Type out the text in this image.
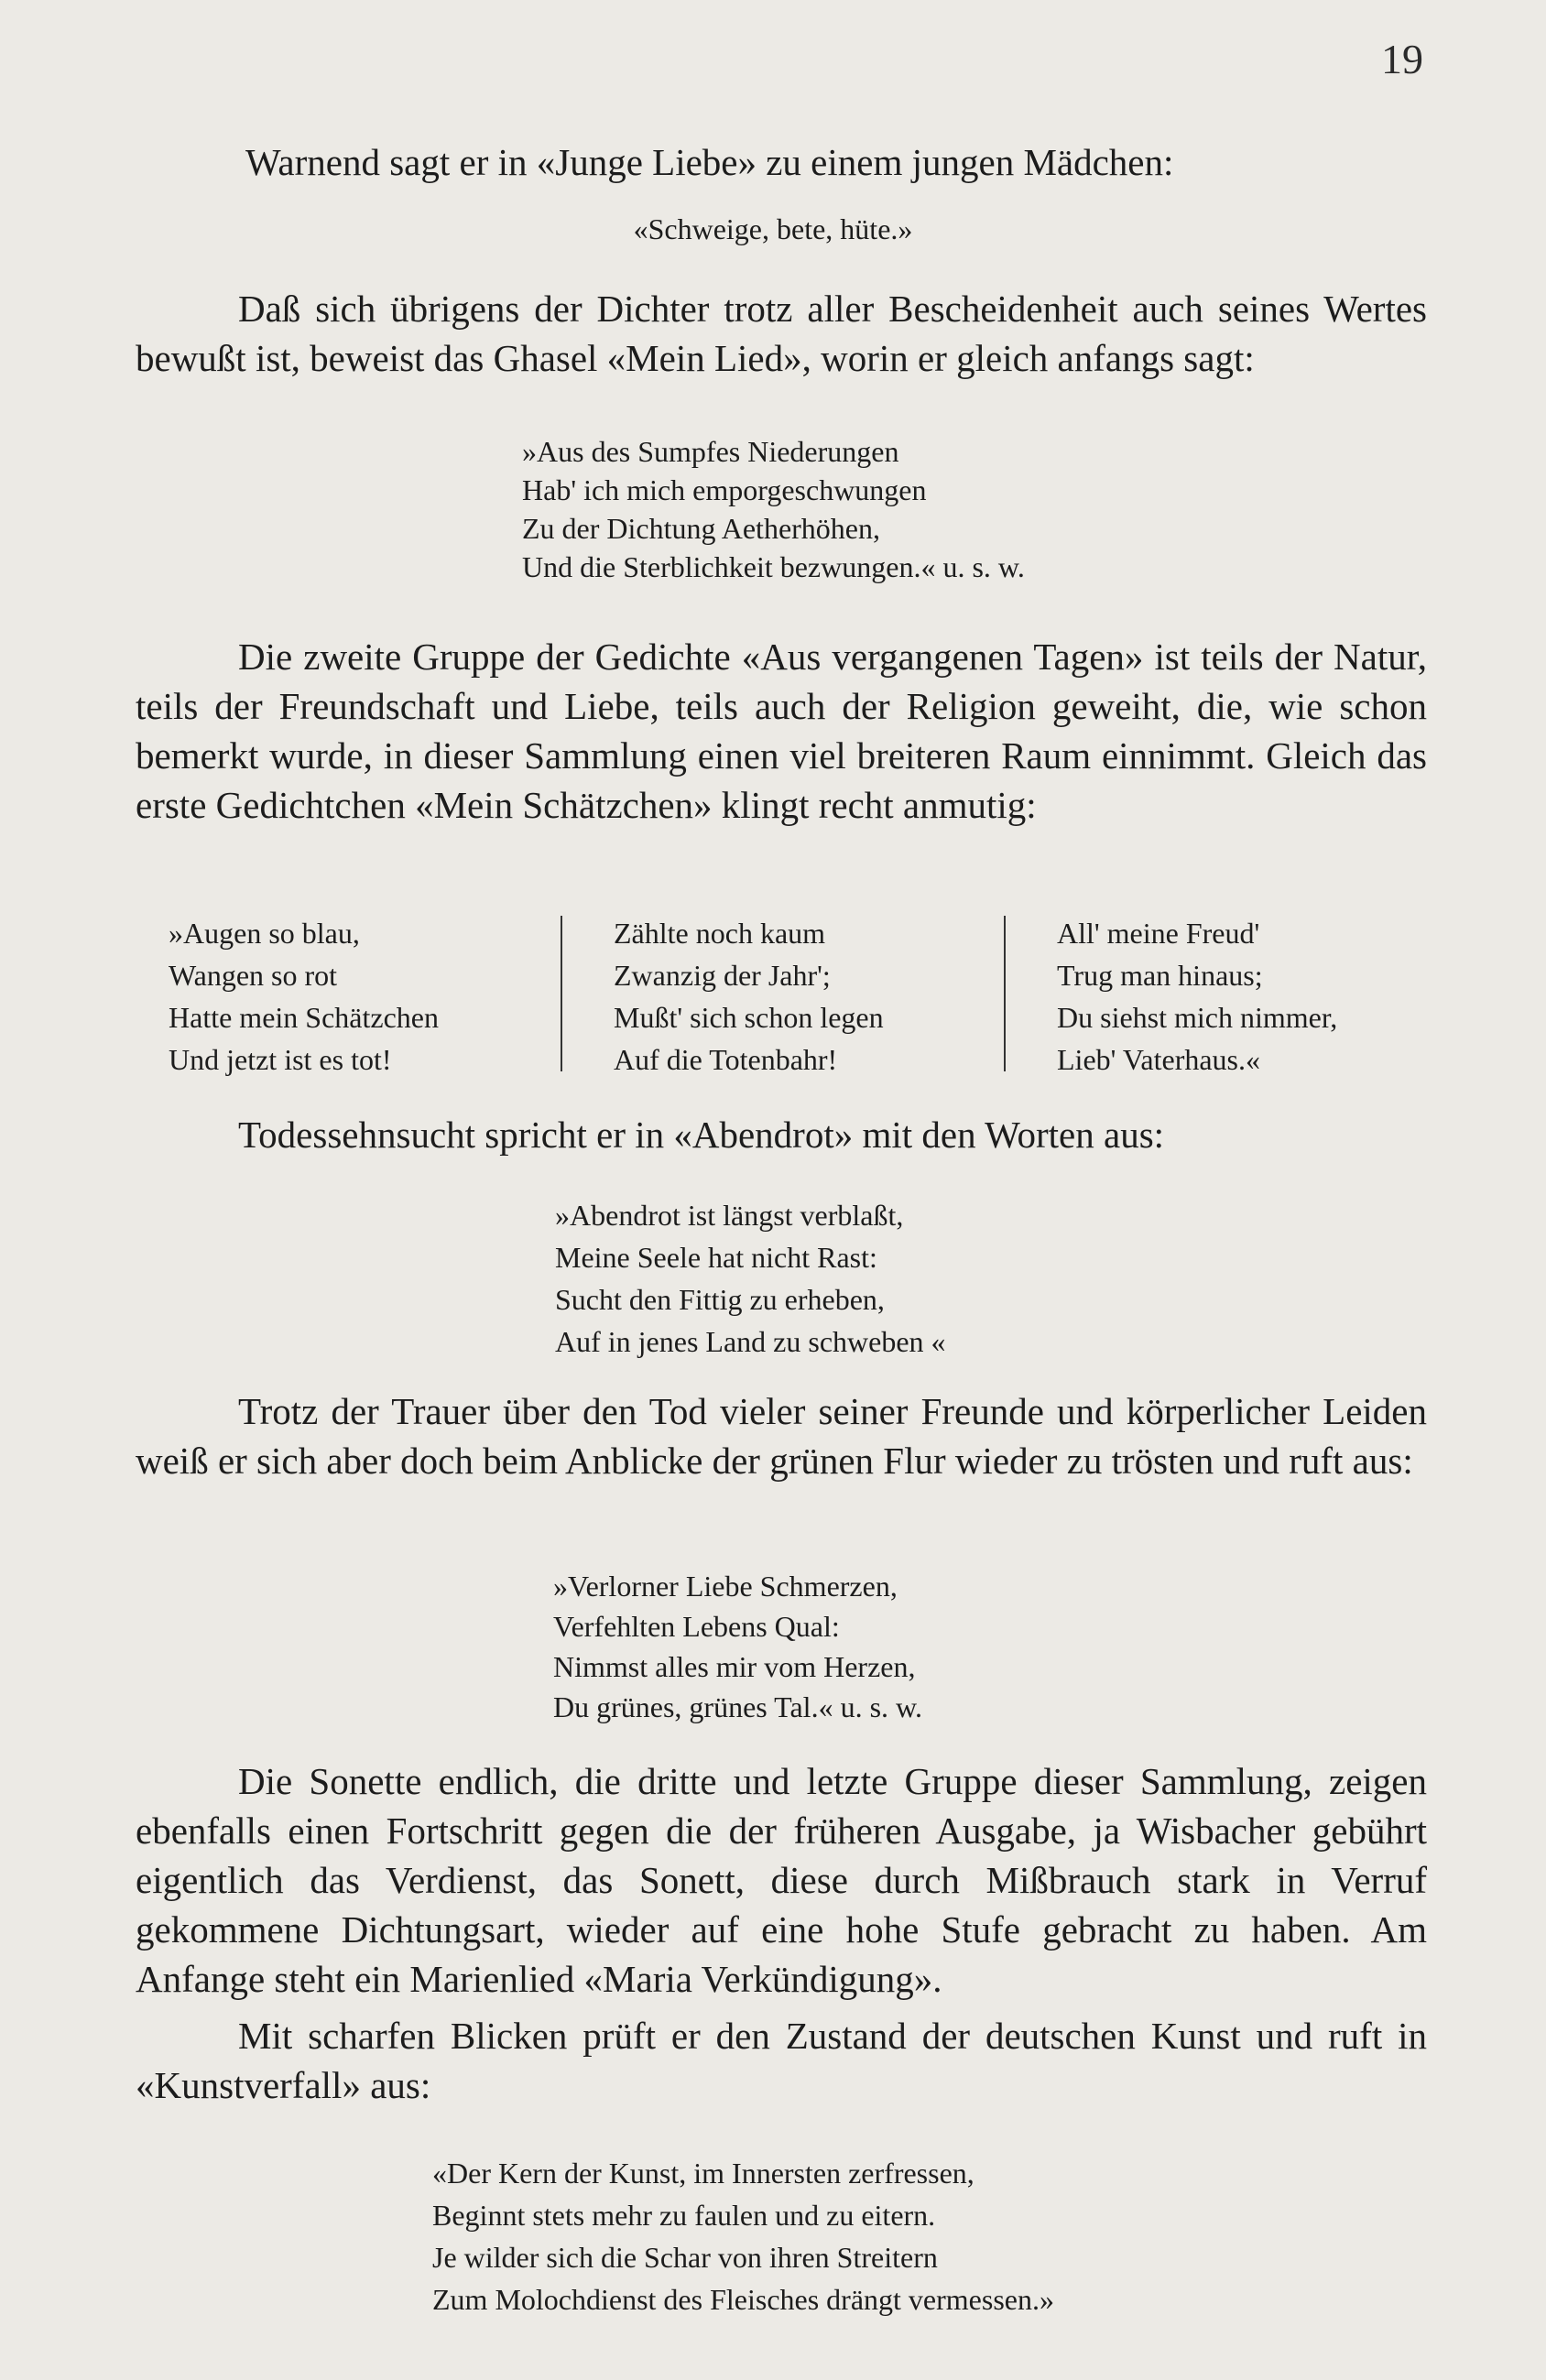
19
Warnend sagt er in «Junge Liebe» zu einem jungen Mädchen:
«Schweige, bete, hüte.»
Daß sich übrigens der Dichter trotz aller Bescheidenheit auch seines Wertes bewußt ist, beweist das Ghasel «Mein Lied», worin er gleich anfangs sagt:
»Aus des Sumpfes Niederungen
Hab' ich mich emporgeschwungen
Zu der Dichtung Aetherhöhen,
Und die Sterblichkeit bezwungen.« u. s. w.
Die zweite Gruppe der Gedichte «Aus vergangenen Tagen» ist teils der Natur, teils der Freundschaft und Liebe, teils auch der Religion geweiht, die, wie schon bemerkt wurde, in dieser Sammlung einen viel breiteren Raum einnimmt. Gleich das erste Gedichtchen «Mein Schätzchen» klingt recht anmutig:
»Augen so blau,
Wangen so rot
Hatte mein Schätzchen
Und jetzt ist es tot!
Zählte noch kaum
Zwanzig der Jahr';
Mußt' sich schon legen
Auf die Totenbahr!
All' meine Freud'
Trug man hinaus;
Du siehst mich nimmer,
Lieb' Vaterhaus.«
Todessehnsucht spricht er in «Abendrot» mit den Worten aus:
»Abendrot ist längst verblaßt,
Meine Seele hat nicht Rast:
Sucht den Fittig zu erheben,
Auf in jenes Land zu schweben «
Trotz der Trauer über den Tod vieler seiner Freunde und körperlicher Leiden weiß er sich aber doch beim Anblicke der grünen Flur wieder zu trösten und ruft aus:
»Verlorner Liebe Schmerzen,
Verfehlten Lebens Qual:
Nimmst alles mir vom Herzen,
Du grünes, grünes Tal.« u. s. w.
Die Sonette endlich, die dritte und letzte Gruppe dieser Sammlung, zeigen ebenfalls einen Fortschritt gegen die der früheren Ausgabe, ja Wisbacher gebührt eigentlich das Verdienst, das Sonett, diese durch Mißbrauch stark in Verruf gekommene Dichtungsart, wieder auf eine hohe Stufe gebracht zu haben. Am Anfange steht ein Marienlied «Maria Verkündigung».
Mit scharfen Blicken prüft er den Zustand der deutschen Kunst und ruft in «Kunstverfall» aus:
«Der Kern der Kunst, im Innersten zerfressen,
Beginnt stets mehr zu faulen und zu eitern.
Je wilder sich die Schar von ihren Streitern
Zum Molochdienst des Fleisches drängt vermessen.»
